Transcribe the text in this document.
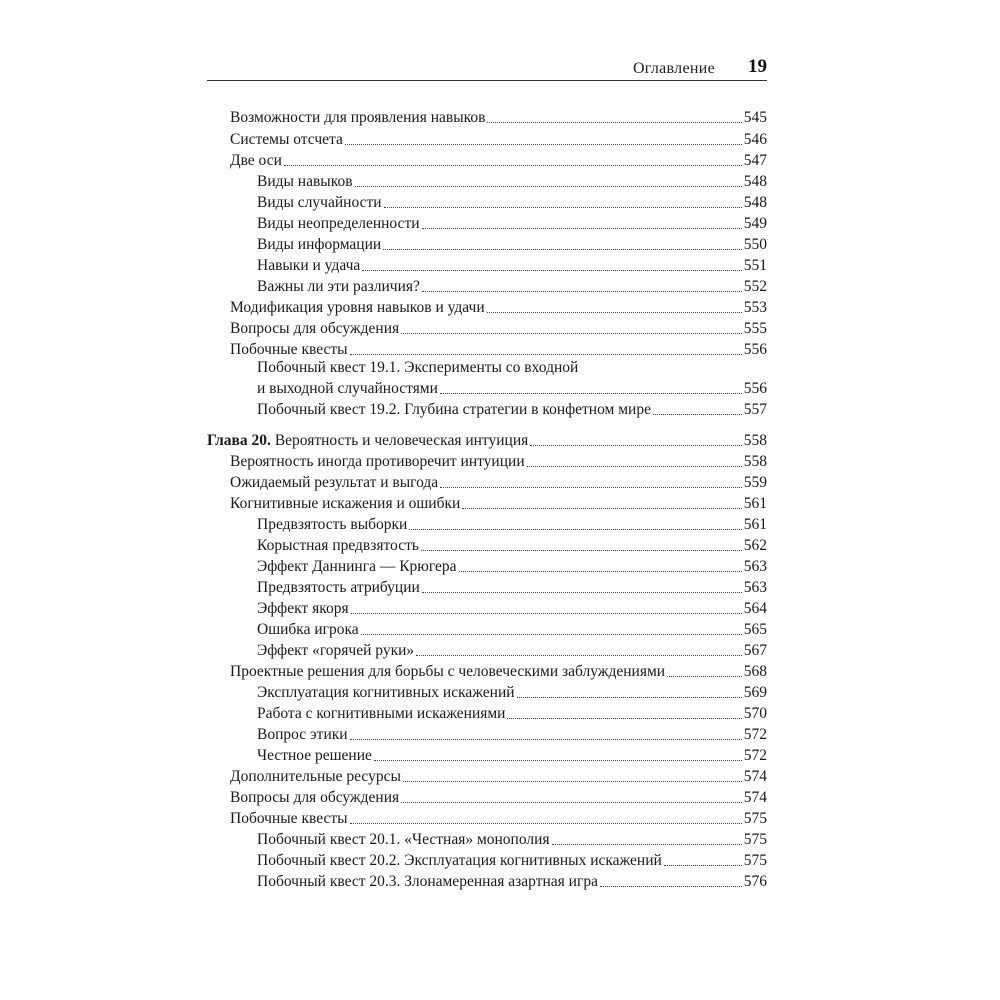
Оглавление 19
Возможности для проявления навыков	545
Системы отсчета	546
Две оси	547
Виды навыков	548
Виды случайности	548
Виды неопределенности	549
Виды информации	550
Навыки и удача	551
Важны ли эти различия?	552
Модификация уровня навыков и удачи	553
Вопросы для обсуждения	555
Побочные квесты	556
Побочный квест 19.1. Эксперименты со входной
и выходной случайностями	556
Побочный квест 19.2. Глубина стратегии в конфетном мире	557
Глава 20. Вероятность и человеческая интуиция	558
Вероятность иногда противоречит интуиции	558
Ожидаемый результат и выгода	559
Когнитивные искажения и ошибки	561
Предвзятость выборки	561
Корыстная предвзятость	562
Эффект Даннинга — Крюгера	563
Предвзятость атрибуции	563
Эффект якоря	564
Ошибка игрока	565
Эффект «горячей руки»	567
Проектные решения для борьбы с человеческими заблуждениями	568
Эксплуатация когнитивных искажений	569
Работа с когнитивными искажениями	570
Вопрос этики	572
Честное решение	572
Дополнительные ресурсы	574
Вопросы для обсуждения	574
Побочные квесты	575
Побочный квест 20.1. «Честная» монополия	575
Побочный квест 20.2. Эксплуатация когнитивных искажений	575
Побочный квест 20.3. Злонамеренная азартная игра	576
